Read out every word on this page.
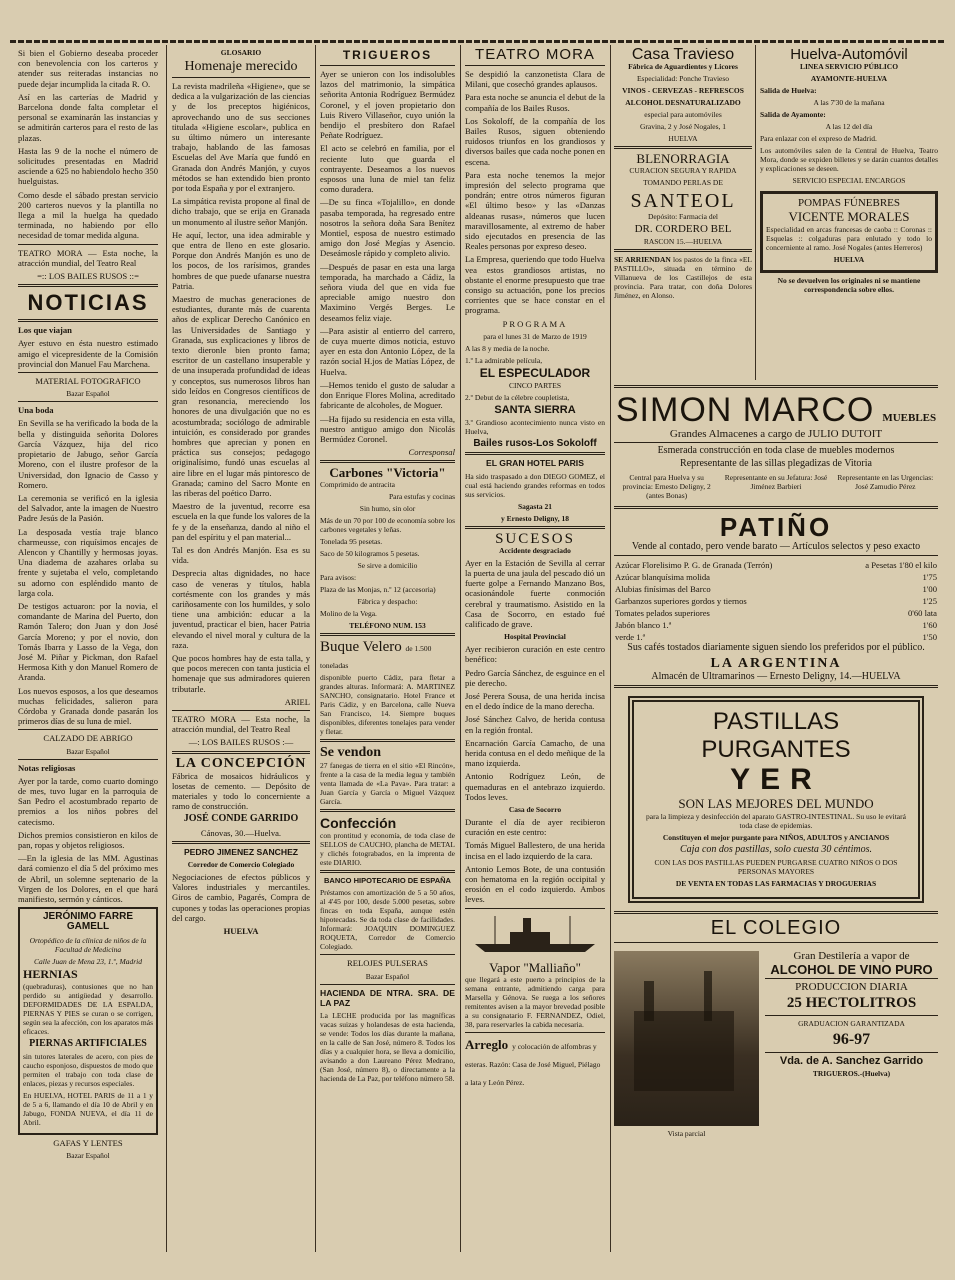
Si bien el Gobierno deseaba proceder con benevolencia con los carteros y atender sus reiteradas instancias no puede dejar incumplida la citada R. O.

Así en las carterías de Madrid y Barcelona donde falta completar el personal se examinarán las instancias y se admitirán carteros para el resto de las plazas.

Hasta las 9 de la noche el número de solicitudes presentadas en Madrid asciende a 625 no habiendolo hecho 350 huelguistas.

Como desde el sábado prestan servicio 200 carteros nuevos y la plantilla no llega a mil la huelga ha quedado terminada, no habiendo por ello necesidad de tomar medida alguna.

TEATRO MORA — Esta noche, la atracción mundial, del Teatro Real

=:: LOS BAILES RUSOS ::=

NOTICIAS

Los que viajan

Ayer estuvo en ésta nuestro estimado amigo el vicepresidente de la Comisión provincial don Manuel Fau Marchena.

MATERIAL FOTOGRAFICO

Bazar Español

Una boda

En Sevilla se ha verificado la boda de la bella y distinguida señorita Dolores García Vázquez, hija del rico propietario de Jabugo, señor García Moreno, con el ilustre profesor de la Universidad, don Ignacio de Casso y Romero.

La ceremonia se verificó en la iglesia del Salvador, ante la imagen de Nuestro Padre Jesús de la Pasión.

La desposada vestía traje blanco charmeusse, con riquísimos encajes de Alencon y Chantilly y hermosas joyas. Una diadema de azahares orlaba su frente y sujetaba el velo, completando su adorno con espléndido manto de larga cola.

De testigos actuaron: por la novia, el comandante de Marina del Puerto, don Ramón Talero; don Juan y don José García Moreno; y por el novio, don Tomás Ibarra y Lasso de la Vega, don José M. Piñar y Pickman, don Rafael Hermosa Kith y don Manuel Romero de Aranda.

Los nuevos esposos, a los que deseamos muchas felicidades, salieron para Córdoba y Granada donde pasarán los primeros días de su luna de miel.

CALZADO DE ABRIGO

Bazar Español

Notas religiosas

Ayer por la tarde, como cuarto domingo de mes, tuvo lugar en la parroquia de San Pedro el acostumbrado reparto de premios a los niños pobres del catecismo.

Dichos premios consistieron en kilos de pan, ropas y objetos religiosos.

—En la iglesia de las MM. Agustinas dará comienzo el día 5 del próximo mes de Abril, un solemne septenario de la Virgen de los Dolores, en el que hará manifiesto, sermón y cánticos.

JERÓNIMO FARRE GAMELL

Ortopédico de la clínica de niños de la Facultad de Medicina

Calle Juan de Mena 23, 1.º, Madrid

HERNIAS

(quebraduras), contusiones que no han perdido su antigüedad y desarrollo. DEFORMIDADES DE LA ESPALDA, PIERNAS Y PIES se curan o se corrigen, según sea la afección, con los aparatos más eficaces.

PIERNAS ARTIFICIALES

sin tutores laterales de acero, con pies de caucho esponjoso, dispuestos de modo que permiten el trabajo con toda clase de enlaces, piezas y recursos especiales.

En HUELVA, HOTEL PARIS de 11 a 1 y de 5 a 6, llamando el día 10 de Abril y en Jabugo, FONDA NUEVA, el día 11 de Abril.

GAFAS Y LENTES

Bazar Español

GLOSARIO

Homenaje merecido

La revista madrileña «Higiene», que se dedica a la vulgarización de las ciencias y de los preceptos higiénicos, aprovechando uno de sus secciones titulada «Higiene escolar», publica en su último número un interesante trabajo, hablando de las famosas Escuelas del Ave María que fundó en Granada don Andrés Manjón, y cuyos métodos se han extendido bien pronto por toda España y por el extranjero.

La simpática revista propone al final de dicho trabajo, que se erija en Granada un monumento al ilustre señor Manjón.

He aquí, lector, una idea admirable y que entra de lleno en este glosario. Porque don Andrés Manjón es uno de los pocos, de los rarísimos, grandes hombres de que puede ufanarse nuestra Patria.

Maestro de muchas generaciones de estudiantes, durante más de cuarenta años de explicar Derecho Canónico en las Universidades de Santiago y Granada, sus explicaciones y libros de texto dieronle bien pronto fama; escritor de un castellano insuperable y de una insuperada profundidad de ideas y conceptos, sus numerosos libros han sido leídos en Congresos científicos de gran resonancia, mereciendo los honores de una divulgación que no es acostumbrada; sociólogo de admirable intuición, es considerado por grandes hombres que aprecian y ponen en práctica sus consejos; pedagogo originalísimo, fundó unas escuelas al aire libre en el lugar más pintoresco de Granada; camino del Sacro Monte en las riberas del poético Darro.

Maestro de la juventud, recorre esa escuela en la que funde los valores de la fe y de la enseñanza, dando al niño el pan del espíritu y el pan material...

Tal es don Andrés Manjón. Esa es su vida.

Desprecia altas dignidades, no hace caso de veneras y títulos, habla cortésmente con los grandes y más cariñosamente con los humildes, y solo tiene una ambición: educar a la juventud, practicar el bien, hacer Patria elevando el nivel moral y cultura de la raza.

Que pocos hombres hay de esta talla, y que pocos merecen con tanta justicia el homenaje que sus admiradores quieren tributarle.

ARIEL

TEATRO MORA — Esta noche, la atracción mundial, del Teatro Real

—: LOS BAILES RUSOS :—

LA CONCEPCIÓN

Fábrica de mosaicos hidráulicos y losetas de cemento. — Depósito de materiales y todo lo concerniente a ramo de construcción.

JOSÉ CONDE GARRIDO

Cánovas, 30.—Huelva.

PEDRO JIMENEZ SANCHEZ

Corredor de Comercio Colegiado

Negociaciones de efectos públicos y Valores industriales y mercantiles. Giros de cambio, Pagarés, Compra de cupones y todas las operaciones propias del cargo.

HUELVA

TRIGUEROS

Ayer se unieron con los indisolubles lazos del matrimonio, la simpática señorita Antonia Rodríguez Bermúdez Coronel, y el joven propietario don Luis Rivero Villaseñor, cuyo unión la bendijo el presbítero don Rafael Peñate Rodríguez.

El acto se celebró en familia, por el reciente luto que guarda el contrayente. Deseamos a los nuevos esposos una luna de miel tan feliz como duradera.

—De su finca «Tojalillo», en donde pasaba temporada, ha regresado entre nosotros la señora doña Sara Benítez Montiel, esposa de nuestro estimado amigo don José Megías y Asencio. Deseámosle rápido y completo alivio.

—Después de pasar en esta una larga temporada, ha marchado a Cádiz, la señora viuda del que en vida fue apreciable amigo nuestro don Maximino Vergés Berges. Le deseamos feliz viaje.

—Para asistir al entierro del carrero, de cuya muerte dimos noticia, estuvo ayer en esta don Antonio López, de la razón social H.jos de Matías López, de Huelva.

—Hemos tenido el gusto de saludar a don Enrique Flores Molina, acreditado fabricante de alcoholes, de Moguer.

—Ha fijado su residencia en esta villa, nuestro antiguo amigo don Nicolás Bermúdez Coronel.

Corresponsal

Carbones "Victoria"

Comprimido de antracita

Para estufas y cocinas

Sin humo, sin olor

Más de un 70 por 100 de economía sobre los carbones vegetales y leñas.

Tonelada 95 pesetas.

Saco de 50 kilogramos 5 pesetas.

Se sirve a domicilio

Para avisos:

Plaza de las Monjas, n.º 12 (accesoria)

Fábrica y despacho:

Molino de la Vega.

TELÉFONO NUM. 153

Buque Velero de 1.500 toneladas

disponible puerto Cádiz, para fletar a grandes alturas. Informará: A. MARTINEZ SANCHO, consignatario. Hotel France et Paris Cádiz, y en Barcelona, calle Nueva San Francisco, 14. Siempre buques disponibles, diferentes tonelajes para vender y fletar.

Se vendon

27 fanegas de tierra en el sitio «El Rincón», frente a la casa de la media legua y también venta llamada de «La Pava». Para tratar: a Juan García y García o Miguel Vázquez García.

Confección

con prontitud y economía, de toda clase de SELLOS de CAUCHO, plancha de METAL y clichés fotograbados, en la imprenta de este DIARIO.

BANCO HIPOTECARIO DE ESPAÑA

Préstamos con amortización de 5 a 50 años, al 4'45 por 100, desde 5.000 pesetas, sobre fincas en toda España, aunque estén hipotecadas. Se da toda clase de facilidades. Informará: JOAQUIN DOMINGUEZ ROQUETA, Corredor de Comercio Colegiado.

RELOJES PULSERAS

Bazar Español

HACIENDA DE NTRA. SRA. DE LA PAZ

La LECHE producida por las magníficas vacas suizas y holandesas de esta hacienda, se vende: Todos los días durante la mañana, en la calle de San José, número 8. Todos los días y a cualquier hora, se lleva a domicilio, avisando a don Laureano Pérez Medrano, (San José, número 8), o directamente a la hacienda de La Paz, por teléfono número 58.

TEATRO MORA

Se despidió la canzonetista Clara de Milani, que cosechó grandes aplausos.

Para esta noche se anuncia el debut de la compañía de los Bailes Rusos.

Los Sokoloff, de la compañía de los Bailes Rusos, siguen obteniendo ruidosos triunfos en los grandiosos y diversos bailes que cada noche ponen en escena.

Para esta noche tenemos la mejor impresión del selecto programa que pondrán; entre otros números figuran «El último beso» y las «Danzas aldeanas rusas», números que lucen maravillosamente, al extremo de haber sido ejecutados en presencia de las Reales personas por expreso deseo.

La Empresa, queriendo que todo Huelva vea estos grandiosos artistas, no obstante el enorme presupuesto que trae consigo su actuación, pone los precios corrientes que se hace constar en el programa.

PROGRAMA

para el lunes 31 de Marzo de 1919

A las 8 y media de la noche.

1.º La admirable película,

EL ESPECULADOR

CINCO PARTES

2.º Debut de la célebre coupletista,

SANTA SIERRA

3.º Grandioso acontecimiento nunca visto en Huelva,

Bailes rusos-Los Sokoloff

EL GRAN HOTEL PARIS

Ha sido traspasado a don DIEGO GOMEZ, el cual está haciendo grandes reformas en todos sus servicios.

Sagasta 21

y Ernesto Deligny, 18

SUCESOS

Accidente desgraciado

Ayer en la Estación de Sevilla al cerrar la puerta de una jaula del pescado dió un fuerte golpe a Fernando Manzano Bos, ocasionándole fuerte conmoción cerebral y traumatismo. Asistido en la Casa de Socorro, en estado fué calificado de grave.

Hospital Provincial

Ayer recibieron curación en este centro benéfico:

Pedro García Sánchez, de esguince en el pie derecho.

José Perera Sousa, de una herida incisa en el dedo índice de la mano derecha.

José Sánchez Calvo, de herida contusa en la región frontal.

Encarnación García Camacho, de una herida contusa en el dedo meñique de la mano izquierda.

Antonio Rodríguez León, de quemaduras en el antebrazo izquierdo. Todos leves.

Casa de Socorro

Durante el día de ayer recibieron curación en este centro:

Tomás Miguel Ballestero, de una herida incisa en el lado izquierdo de la cara.

Antonio Lemos Bote, de una contusión con hematoma en la región occipital y erosión en el codo izquierdo. Ambos leves.

Vapor "Malliaño"

que llegará a este puerto a principios de la semana entrante, admitiendo carga para Marsella y Génova. Se ruega a los señores remitentes avisen a la mayor brevedad posible a su consignatario F. FERNANDEZ, Odiel, 38, para reservarles la cabida necesaria.

Arreglo y colocación de alfombras y esteras. Razón: Casa de José Miguel, Piélago a lata y León Pérez.
Casa Travieso

Fábrica de Aguardientes y Licores

Especialidad: Ponche Travieso

VINOS - CERVEZAS - REFRESCOS

ALCOHOL DESNATURALIZADO

especial para automóviles

Gravina, 2 y José Nogales, 1

HUELVA

BLENORRAGIA

CURACION SEGURA Y RAPIDA

TOMANDO PERLAS DE

SANTEOL

Depósito: Farmacia del

DR. CORDERO BEL

RASCON 15.—HUELVA

SE ARRIENDAN los pastos de la finca «EL PASTILLO», situada en término de Villanueva de los Castillejos de esta provincia. Para tratar, con doña Dolores Jiménez, en Alonso.

Huelva-Automóvil

LINEA SERVICIO PÚBLICO

AYAMONTE-HUELVA

Salida de Huelva:

A las 7'30 de la mañana

Salida de Ayamonte:

A las 12 del día

Para enlazar con el expreso de Madrid.

Los automóviles salen de la Central de Huelva, Teatro Mora, donde se expiden billetes y se darán cuantos detalles y explicaciones se deseen.

SERVICIO ESPECIAL ENCARGOS

POMPAS FÚNEBRES
VICENTE MORALES

Especialidad en arcas francesas de caoba :: Coronas :: Esquelas :: colgaduras para enlutado y todo lo concerniente al ramo. José Nogales (antes Herreros)

HUELVA

No se devuelven los originales ni se mantiene correspondencia sobre ellos.

SIMON MARCO MUEBLES

Grandes Almacenes a cargo de JULIO DUTOIT

Esmerada construcción en toda clase de muebles modernos

Representante de las sillas plegadizas de Vitoria

Central para Huelva y su provincia: Ernesto Deligny, 2 (antes Bonas)

Representante en su Jefatura: José Jiménez Barbieri

Representante en las Urgencias: José Zamudio Pérez

PATIÑO

Vende al contado, pero vende barato — Artículos selectos y peso exacto

Azúcar Florelisimo P. G. de Granada (Terrón)	a Pesetas 1'80 el kilo
Azúcar blanquísima molida	1'75
Alubias finísimas del Barco	1'00
Garbanzos superiores gordos y tiernos	1'25
Tomates pelados superiores	0'60 lata
Jabón blanco 1.ª	1'60
verde 1.ª	1'50

Sus cafés tostados diariamente siguen siendo los preferidos por el público.

LA ARGENTINA

Almacén de Ultramarinos — Ernesto Deligny, 14.—HUELVA

PASTILLAS PURGANTES
YER
SON LAS MEJORES DEL MUNDO

para la limpieza y desinfección del aparato GASTRO-INTESTINAL. Su uso le evitará toda clase de epidemias.

Constituyen el mejor purgante para NIÑOS, ADULTOS y ANCIANOS

Caja con dos pastillas, solo cuesta 30 céntimos.

CON LAS DOS PASTILLAS PUEDEN PURGARSE CUATRO NIÑOS O DOS PERSONAS MAYORES

DE VENTA EN TODAS LAS FARMACIAS Y DROGUERIAS

EL COLEGIO
Vista parcial

Gran Destilería a vapor de

ALCOHOL DE VINO PURO

PRODUCCION DIARIA

25 HECTOLITROS

GRADUACION GARANTIZADA

96-97

Vda. de A. Sanchez Garrido

TRIGUEROS.-(Huelva)
